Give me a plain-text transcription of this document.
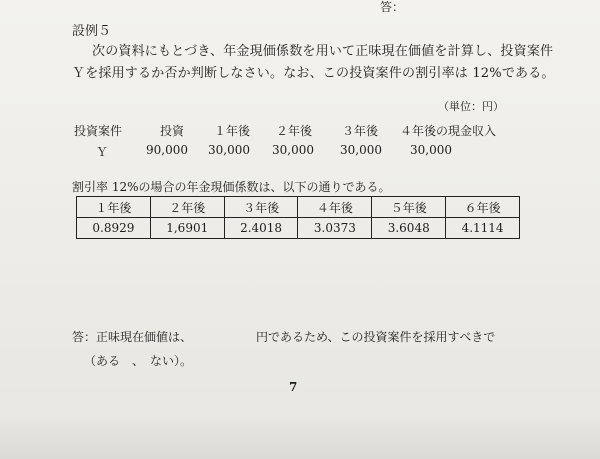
答：
設例５
次の資料にもとづき、年金現価係数を用いて正味現在価値を計算し、投資案件
Ｙを採用するか否か判断しなさい。なお、この投資案件の割引率は 12%である。
（単位：円）
投資案件	投資 １年後 ２年後 ３年後 ４年後の現金収入
Ｙ	90,000 30,000 30,000 30,000 30,000
割引率 12%の場合の年金現価係数は、以下の通りである。
１年後	２年後	３年後	４年後	５年後	６年後
0.8929	1,6901	2.4018	3.0373	3.6048	4.1114
答：正味現在価値は、	円であるため、この投資案件を採用すべきで
（ある　、　ない）。
7
